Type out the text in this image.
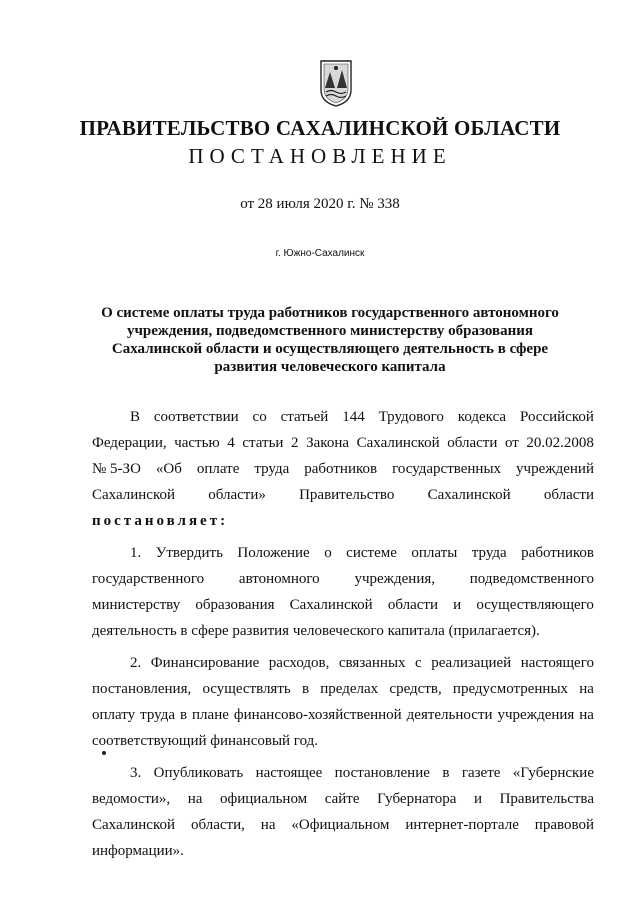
ПРАВИТЕЛЬСТВО САХАЛИНСКОЙ ОБЛАСТИ
ПОСТАНОВЛЕНИЕ
от 28 июля 2020 г. № 338
г. Южно-Сахалинск
О системе оплаты труда работников государственного автономного
учреждения, подведомственного министерству образования
Сахалинской области и осуществляющего деятельность в сфере
развития человеческого капитала
В соответствии со статьей 144 Трудового кодекса Российской
Федерации, частью 4 статьи 2 Закона Сахалинской области от 20.02.2008
№ 5-ЗО «Об оплате труда работников государственных учреждений
Сахалинской области» Правительство Сахалинской области
постановляет:
1. Утвердить Положение о системе оплаты труда работников
государственного автономного учреждения, подведомственного
министерству образования Сахалинской области и осуществляющего
деятельность в сфере развития человеческого капитала (прилагается).
2. Финансирование расходов, связанных с реализацией настоящего
постановления, осуществлять в пределах средств, предусмотренных на
оплату труда в плане финансово-хозяйственной деятельности учреждения на
соответствующий финансовый год.
3. Опубликовать настоящее постановление в газете «Губернские
ведомости», на официальном сайте Губернатора и Правительства
Сахалинской области, на «Официальном интернет-портале правовой
информации».
